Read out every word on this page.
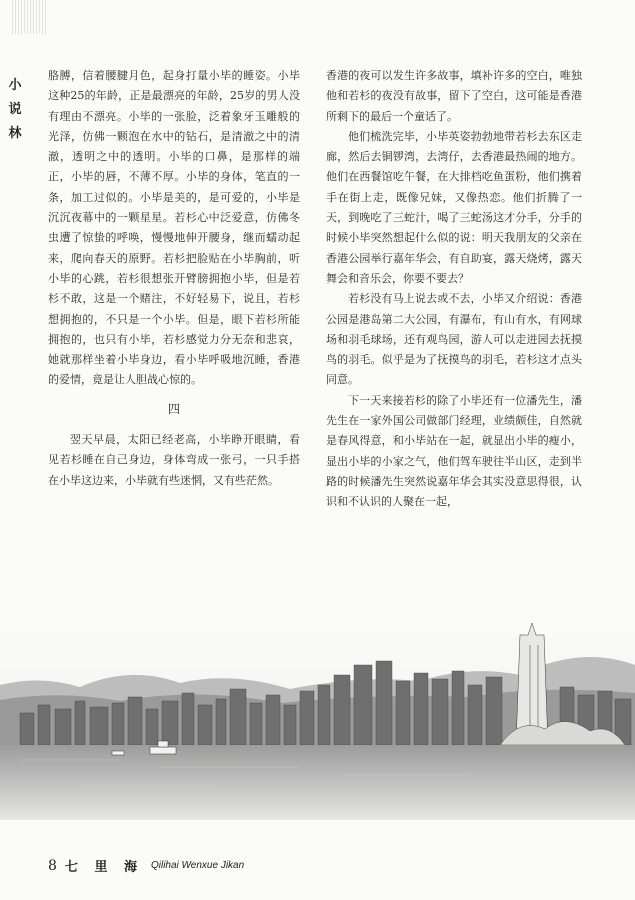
小
说
林

胳膊，信着腰腱月色，起身打量小毕的睡姿。小毕这种25的年龄，正是最漂亮的年龄，25岁的男人没有理由不漂亮。小毕的一张脸，泛着象牙玉雕般的光泽，仿佛一颗泡在水中的钻石，是清澈之中的清澈，透明之中的透明。小毕的口鼻，是那样的端正，小毕的唇，不薄不厚。小毕的身体，笔直的一条，加工过似的。小毕是美的，是可爱的，小毕是沉沉夜幕中的一颗星星。若杉心中泛爱意，仿佛冬虫遭了惊蛰的呼唤，慢慢地伸开腰身，继而蠕动起来，爬向春天的原野。若杉把脸贴在小毕胸前，听小毕的心跳，若杉很想张开臂膀拥抱小毕，但是若杉不敢，这是一个赌注，不好轻易下，说且，若杉想拥抱的，不只是一个小毕。但是，眼下若杉所能拥抱的，也只有小毕，若杉感觉力分无奈和悲哀，她就那样坐着小毕身边，看小毕呼吸地沉睡，香港的爱情，竟是让人胆战心惊的。

四

翌天早晨，太阳已经老高，小毕睁开眼睛，看见若杉睡在自己身边，身体弯成一张弓，一只手搭在小毕这边来，小毕就有些迷惘，又有些茫然。

香港的夜可以发生许多故事，填补许多的空白，唯独他和若杉的夜没有故事，留下了空白，这可能是香港所剩下的最后一个童话了。

他们梳洗完毕，小毕英姿勃勃地带若杉去东区走廊，然后去铜锣湾，去湾仔，去香港最热闹的地方。他们在西餐馆吃午餐，在大排档吃鱼蛋粉，他们携着手在街上走，既像兄妹，又像热恋。他们折腾了一天，到晚吃了三蛇汁，喝了三蛇汤这才分手，分手的时候小毕突然想起什么似的说：明天我朋友的父亲在香港公园举行嘉年华会，有自助宴，露天烧烤，露天舞会和音乐会，你要不要去？

若杉没有马上说去或不去，小毕又介绍说：香港公园是港岛第二大公园，有瀑布，有山有水，有网球场和羽毛球场，还有观鸟园，游人可以走进园去抚摸鸟的羽毛。似乎是为了抚摸鸟的羽毛，若杉这才点头同意。

下一天来接若杉的除了小毕还有一位潘先生，潘先生在一家外国公司做部门经理，业绩颇佳，自然就是春风得意，和小毕站在一起，就显出小毕的瘦小，显出小毕的小家之气，他们驾车驶往半山区，走到半路的时候潘先生突然说嘉年华会其实没意思得很，认识和不认识的人聚在一起，

8 七 里 海 Qilihai Wenxue Jikan
